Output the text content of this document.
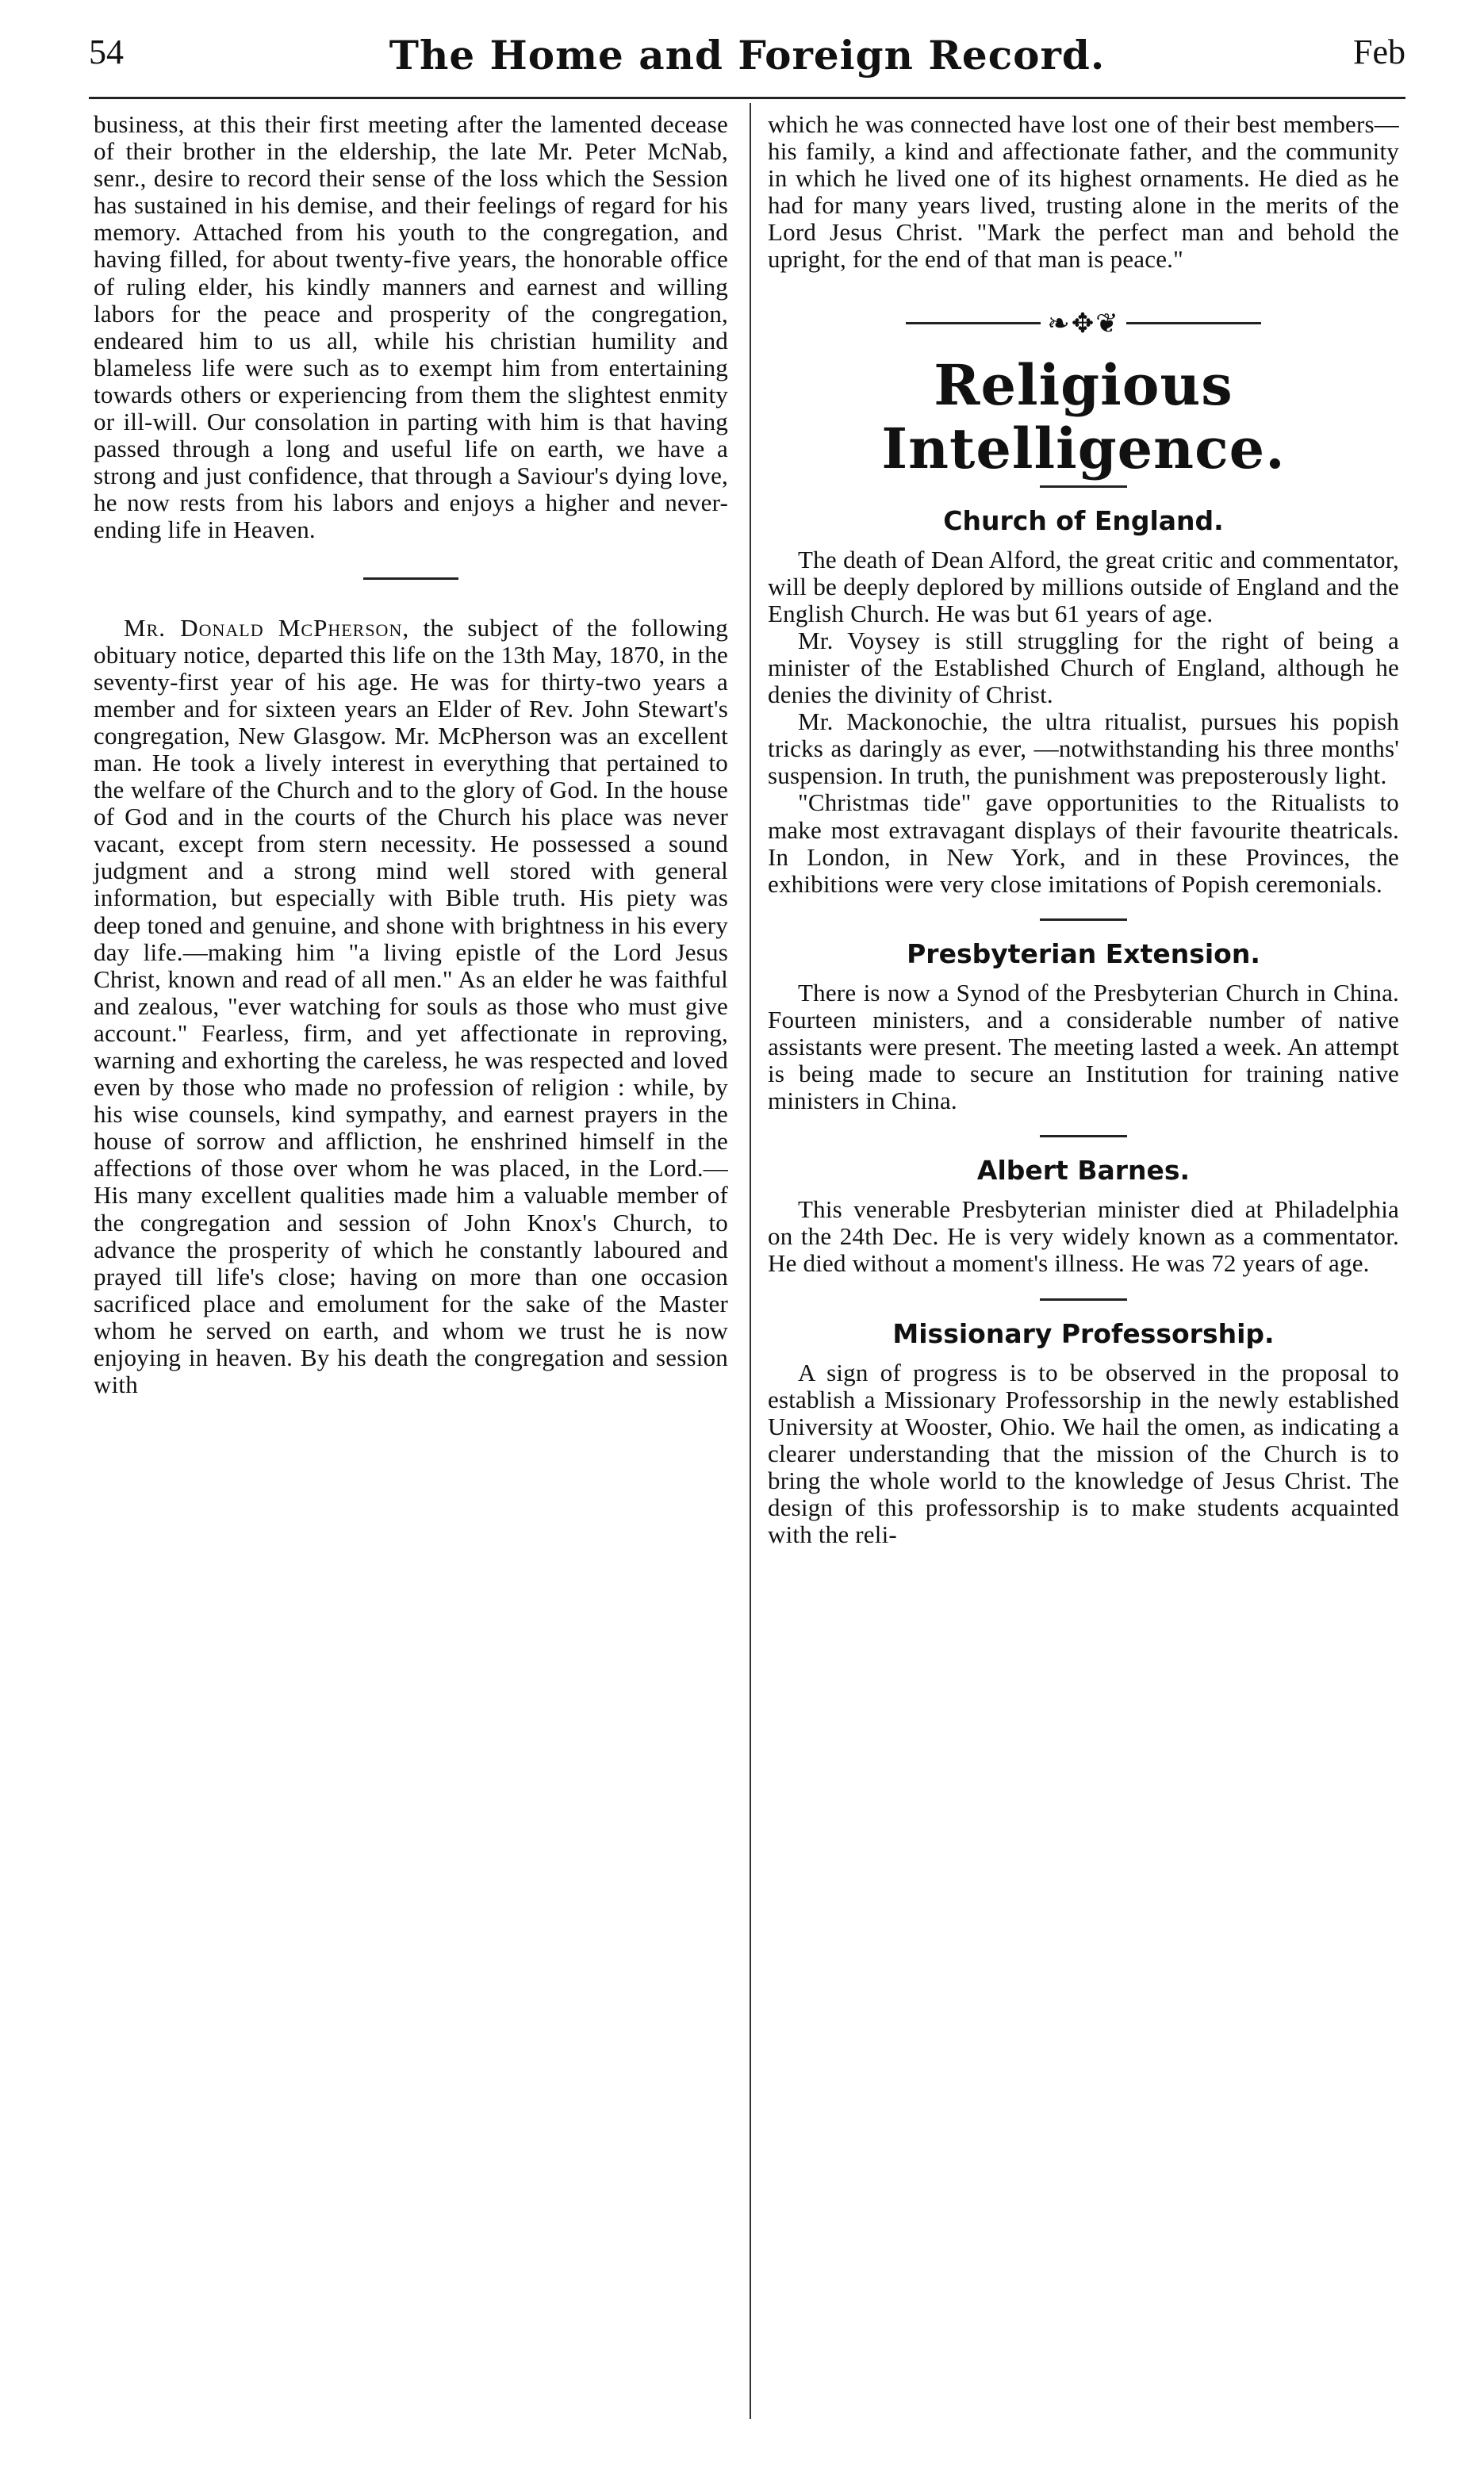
54	The Home and Foreign Record.	Feb

business, at this their first meeting after the lamented decease of their brother in the eldership, the late Mr. Peter McNab, senr., desire to record their sense of the loss which the Session has sustained in his demise, and their feelings of regard for his memory. Attached from his youth to the congregation, and having filled, for about twenty-five years, the honorable office of ruling elder, his kindly manners and earnest and willing labors for the peace and prosperity of the congregation, endeared him to us all, while his christian humility and blameless life were such as to exempt him from entertaining towards others or experiencing from them the slightest enmity or ill-will. Our consolation in parting with him is that having passed through a long and useful life on earth, we have a strong and just confidence, that through a Saviour's dying love, he now rests from his labors and enjoys a higher and never-ending life in Heaven.

Mr. Donald McPherson, the subject of the following obituary notice, departed this life on the 13th May, 1870, in the seventy-first year of his age. He was for thirty-two years a member and for sixteen years an Elder of Rev. John Stewart's congregation, New Glasgow. Mr. McPherson was an excellent man. He took a lively interest in everything that pertained to the welfare of the Church and to the glory of God. In the house of God and in the courts of the Church his place was never vacant, except from stern necessity. He possessed a sound judgment and a strong mind well stored with general information, but especially with Bible truth. His piety was deep toned and genuine, and shone with brightness in his every day life.—making him "a living epistle of the Lord Jesus Christ, known and read of all men." As an elder he was faithful and zealous, "ever watching for souls as those who must give account." Fearless, firm, and yet affectionate in reproving, warning and exhorting the careless, he was respected and loved even by those who made no profession of religion : while, by his wise counsels, kind sympathy, and earnest prayers in the house of sorrow and affliction, he enshrined himself in the affections of those over whom he was placed, in the Lord.—His many excellent qualities made him a valuable member of the congregation and session of John Knox's Church, to advance the prosperity of which he constantly laboured and prayed till life's close; having on more than one occasion sacrificed place and emolument for the sake of the Master whom he served on earth, and whom we trust he is now enjoying in heaven. By his death the congregation and session with

which he was connected have lost one of their best members—his family, a kind and affectionate father, and the community in which he lived one of its highest ornaments. He died as he had for many years lived, trusting alone in the merits of the Lord Jesus Christ. "Mark the perfect man and behold the upright, for the end of that man is peace."

❧✥❦
Religious Intelligence.
Church of England.

The death of Dean Alford, the great critic and commentator, will be deeply deplored by millions outside of England and the English Church. He was but 61 years of age.

Mr. Voysey is still struggling for the right of being a minister of the Established Church of England, although he denies the divinity of Christ.

Mr. Mackonochie, the ultra ritualist, pursues his popish tricks as daringly as ever, —notwithstanding his three months' suspension. In truth, the punishment was preposterously light.

"Christmas tide" gave opportunities to the Ritualists to make most extravagant displays of their favourite theatricals. In London, in New York, and in these Provinces, the exhibitions were very close imitations of Popish ceremonials.

Presbyterian Extension.

There is now a Synod of the Presbyterian Church in China. Fourteen ministers, and a considerable number of native assistants were present. The meeting lasted a week. An attempt is being made to secure an Institution for training native ministers in China.

Albert Barnes.

This venerable Presbyterian minister died at Philadelphia on the 24th Dec. He is very widely known as a commentator. He died without a moment's illness. He was 72 years of age.

Missionary Professorship.

A sign of progress is to be observed in the proposal to establish a Missionary Professorship in the newly established University at Wooster, Ohio. We hail the omen, as indicating a clearer understanding that the mission of the Church is to bring the whole world to the knowledge of Jesus Christ. The design of this professorship is to make students acquainted with the reli-
